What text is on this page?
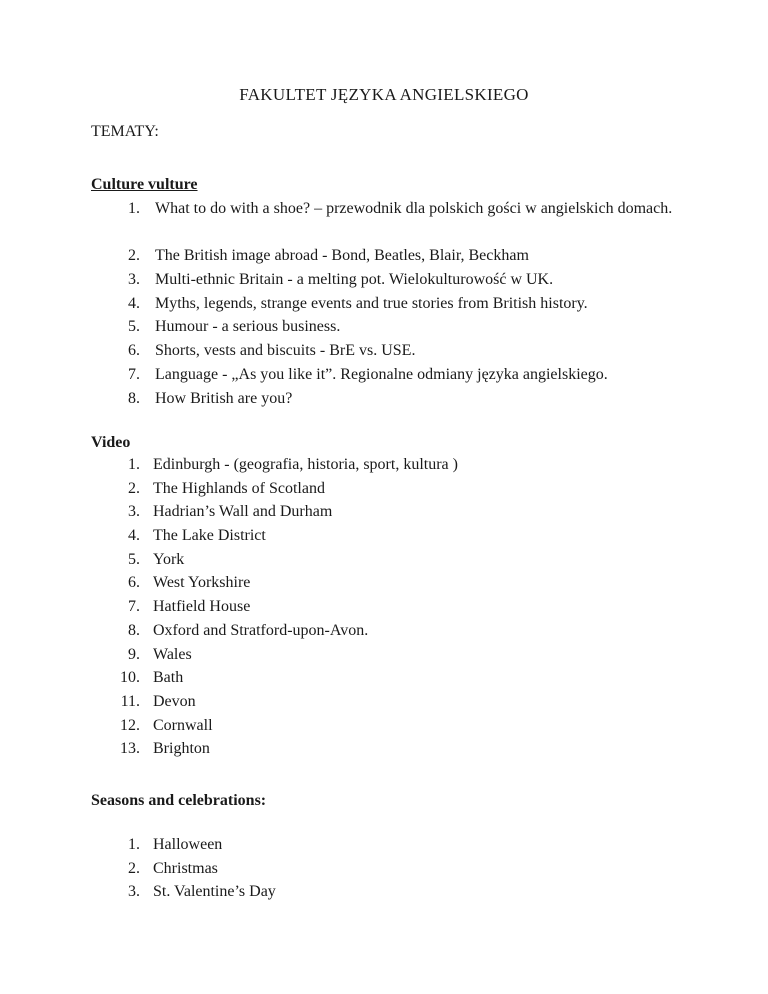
FAKULTET JĘZYKA ANGIELSKIEGO
TEMATY:
Culture vulture
1. What to do with a shoe? – przewodnik dla polskich gości w angielskich domach.
2. The British image abroad - Bond, Beatles, Blair, Beckham
3. Multi-ethnic Britain - a melting pot. Wielokulturowość w UK.
4. Myths, legends, strange events and true stories from British history.
5. Humour - a serious business.
6. Shorts, vests and biscuits - BrE vs. USE.
7. Language - „As you like it”. Regionalne odmiany języka angielskiego.
8. How British are you?
Video
1. Edinburgh - (geografia, historia, sport, kultura )
2. The Highlands of Scotland
3. Hadrian’s Wall and Durham
4. The Lake District
5. York
6. West Yorkshire
7. Hatfield House
8. Oxford and Stratford-upon-Avon.
9. Wales
10. Bath
11. Devon
12. Cornwall
13. Brighton
Seasons and celebrations:
1. Halloween
2. Christmas
3. St. Valentine’s Day
